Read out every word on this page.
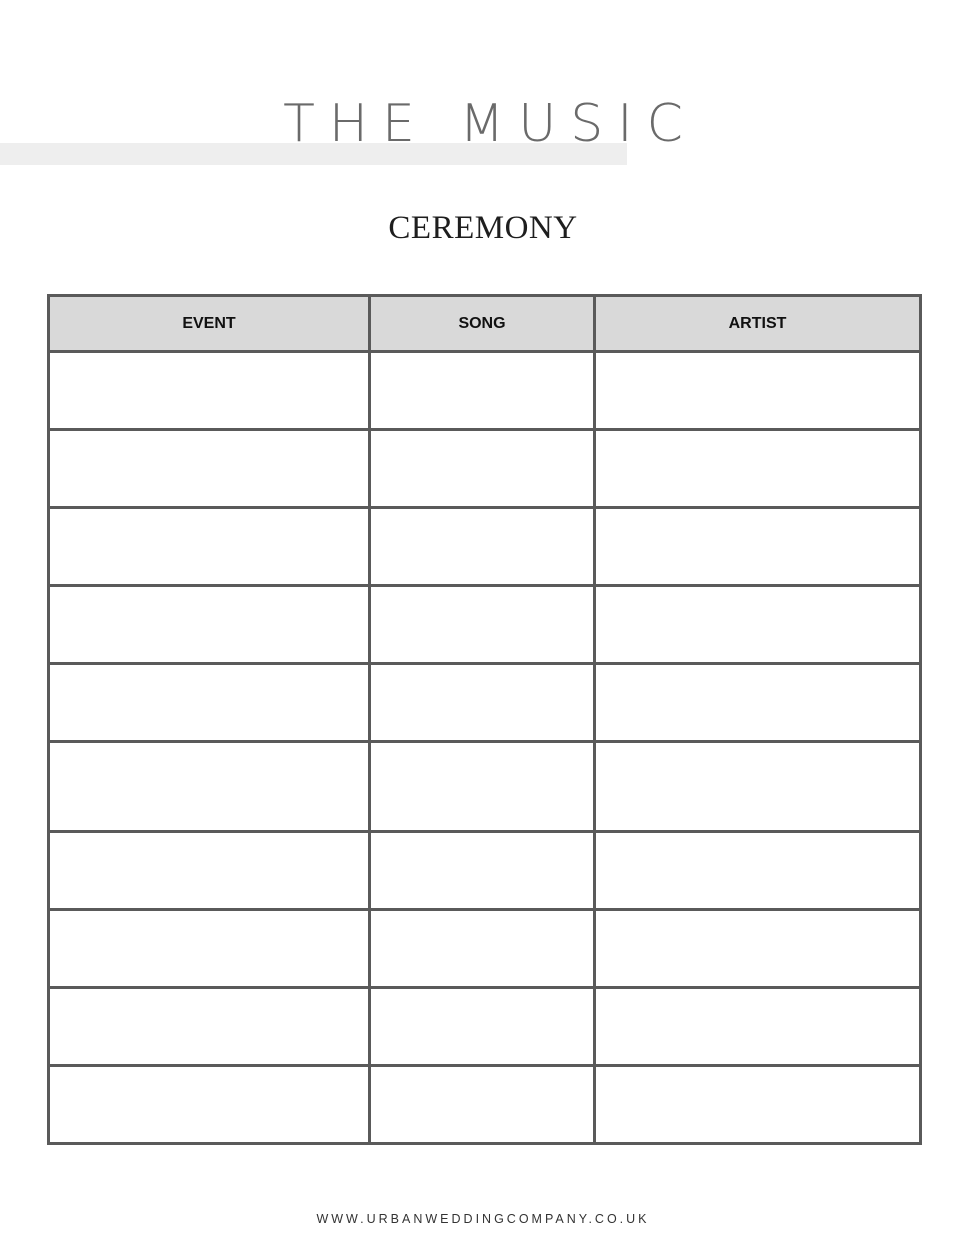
THE MUSIC
CEREMONY
EVENT	SONG	ARTIST

WWW.URBANWEDDINGCOMPANY.CO.UK
